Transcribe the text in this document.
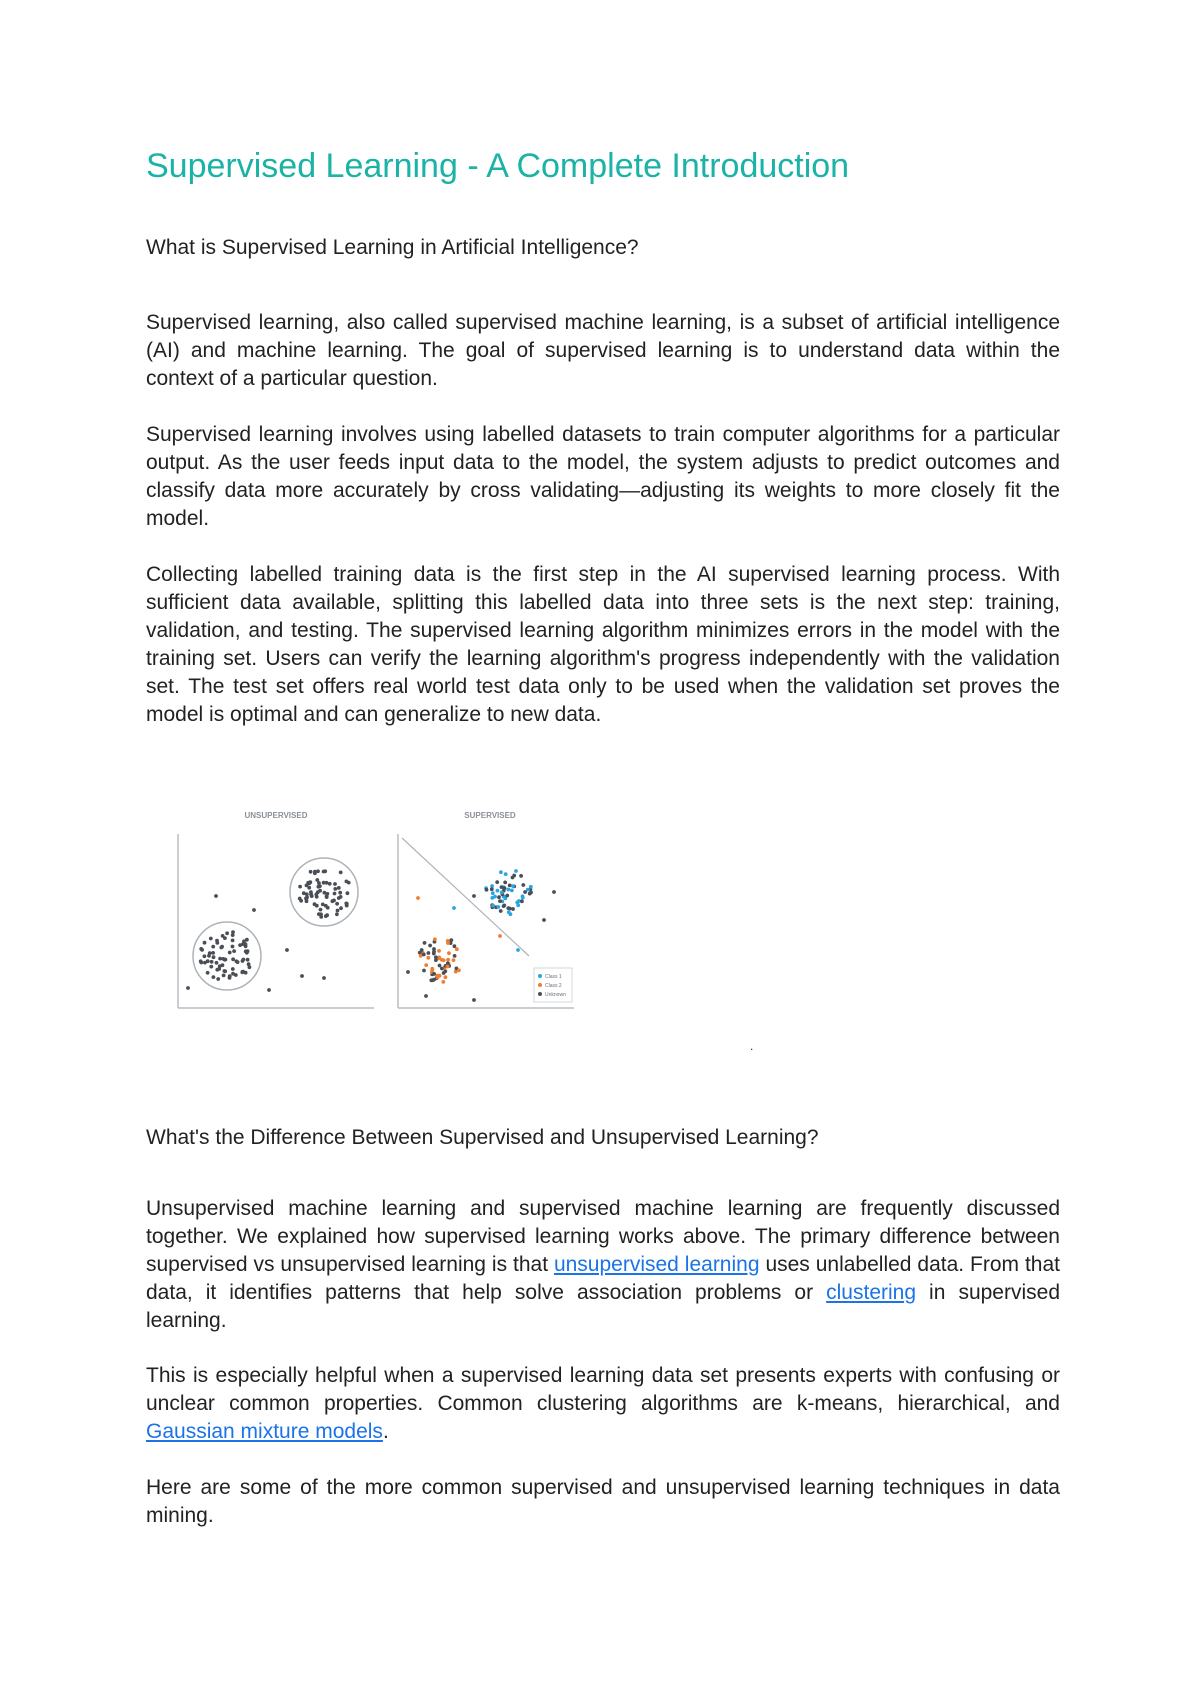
Supervised Learning - A Complete Introduction
What is Supervised Learning in Artificial Intelligence?

Supervised learning, also called supervised machine learning, is a subset of artificial intelligence (AI) and machine learning. The goal of supervised learning is to understand data within the context of a particular question.

Supervised learning involves using labelled datasets to train computer algorithms for a particular output. As the user feeds input data to the model, the system adjusts to predict outcomes and classify data more accurately by cross validating—adjusting its weights to more closely fit the model.

Collecting labelled training data is the first step in the AI supervised learning process. With sufficient data available, splitting this labelled data into three sets is the next step: training, validation, and testing. The supervised learning algorithm minimizes errors in the model with the training set. Users can verify the learning algorithm's progress independently with the validation set. The test set offers real world test data only to be used when the validation set proves the model is optimal and can generalize to new data.

UNSUPERVISED	SUPERVISED
Class 1
Class 2
Unknown
.
What's the Difference Between Supervised and Unsupervised Learning?

Unsupervised machine learning and supervised machine learning are frequently discussed together. We explained how supervised learning works above. The primary difference between supervised vs unsupervised learning is that unsupervised learning uses unlabelled data. From that data, it identifies patterns that help solve association problems or clustering in supervised learning.

This is especially helpful when a supervised learning data set presents experts with confusing or unclear common properties. Common clustering algorithms are k-means, hierarchical, and Gaussian mixture models.

Here are some of the more common supervised and unsupervised learning techniques in data mining.
